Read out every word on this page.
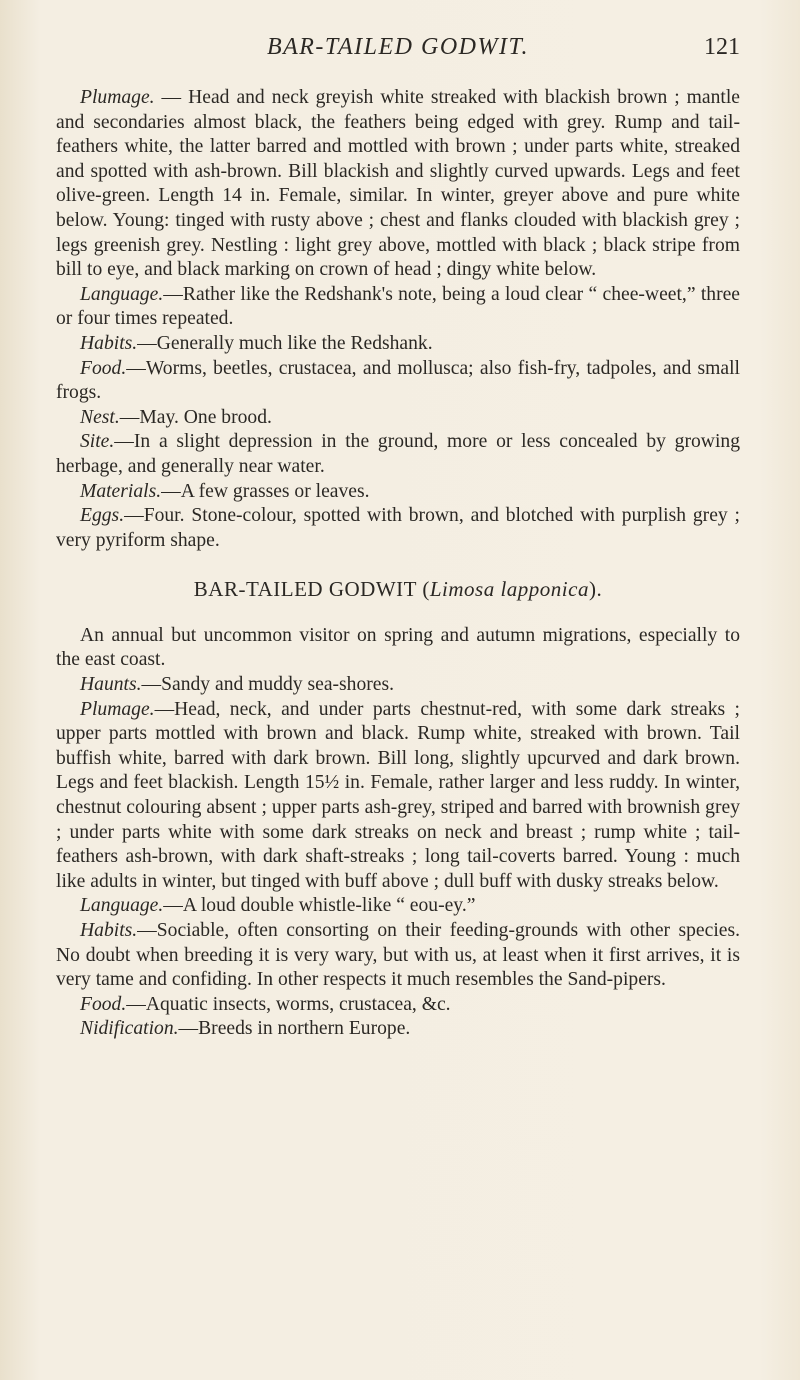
BAR-TAILED GODWIT.	121

Plumage. — Head and neck greyish white streaked with blackish brown ; mantle and secondaries almost black, the feathers being edged with grey. Rump and tail-feathers white, the latter barred and mottled with brown ; under parts white, streaked and spotted with ash-brown. Bill blackish and slightly curved upwards. Legs and feet olive-green. Length 14 in. Female, similar. In winter, greyer above and pure white below. Young: tinged with rusty above ; chest and flanks clouded with blackish grey ; legs greenish grey. Nestling : light grey above, mottled with black ; black stripe from bill to eye, and black marking on crown of head ; dingy white below.

Language.—Rather like the Redshank's note, being a loud clear “ chee-weet,” three or four times repeated.

Habits.—Generally much like the Redshank.

Food.—Worms, beetles, crustacea, and mollusca; also fish-fry, tadpoles, and small frogs.

Nest.—May. One brood.

Site.—In a slight depression in the ground, more or less concealed by growing herbage, and generally near water.

Materials.—A few grasses or leaves.

Eggs.—Four. Stone-colour, spotted with brown, and blotched with purplish grey ; very pyriform shape.

BAR-TAILED GODWIT (Limosa lapponica).

An annual but uncommon visitor on spring and autumn migrations, especially to the east coast.

Haunts.—Sandy and muddy sea-shores.

Plumage.—Head, neck, and under parts chestnut-red, with some dark streaks ; upper parts mottled with brown and black. Rump white, streaked with brown. Tail buffish white, barred with dark brown. Bill long, slightly upcurved and dark brown. Legs and feet blackish. Length 15½ in. Female, rather larger and less ruddy. In winter, chestnut colouring absent ; upper parts ash-grey, striped and barred with brownish grey ; under parts white with some dark streaks on neck and breast ; rump white ; tail-feathers ash-brown, with dark shaft-streaks ; long tail-coverts barred. Young : much like adults in winter, but tinged with buff above ; dull buff with dusky streaks below.

Language.—A loud double whistle-like “ eou-ey.”

Habits.—Sociable, often consorting on their feeding-grounds with other species. No doubt when breeding it is very wary, but with us, at least when it first arrives, it is very tame and confiding. In other respects it much resembles the Sand-pipers.

Food.—Aquatic insects, worms, crustacea, &c.

Nidification.—Breeds in northern Europe.
